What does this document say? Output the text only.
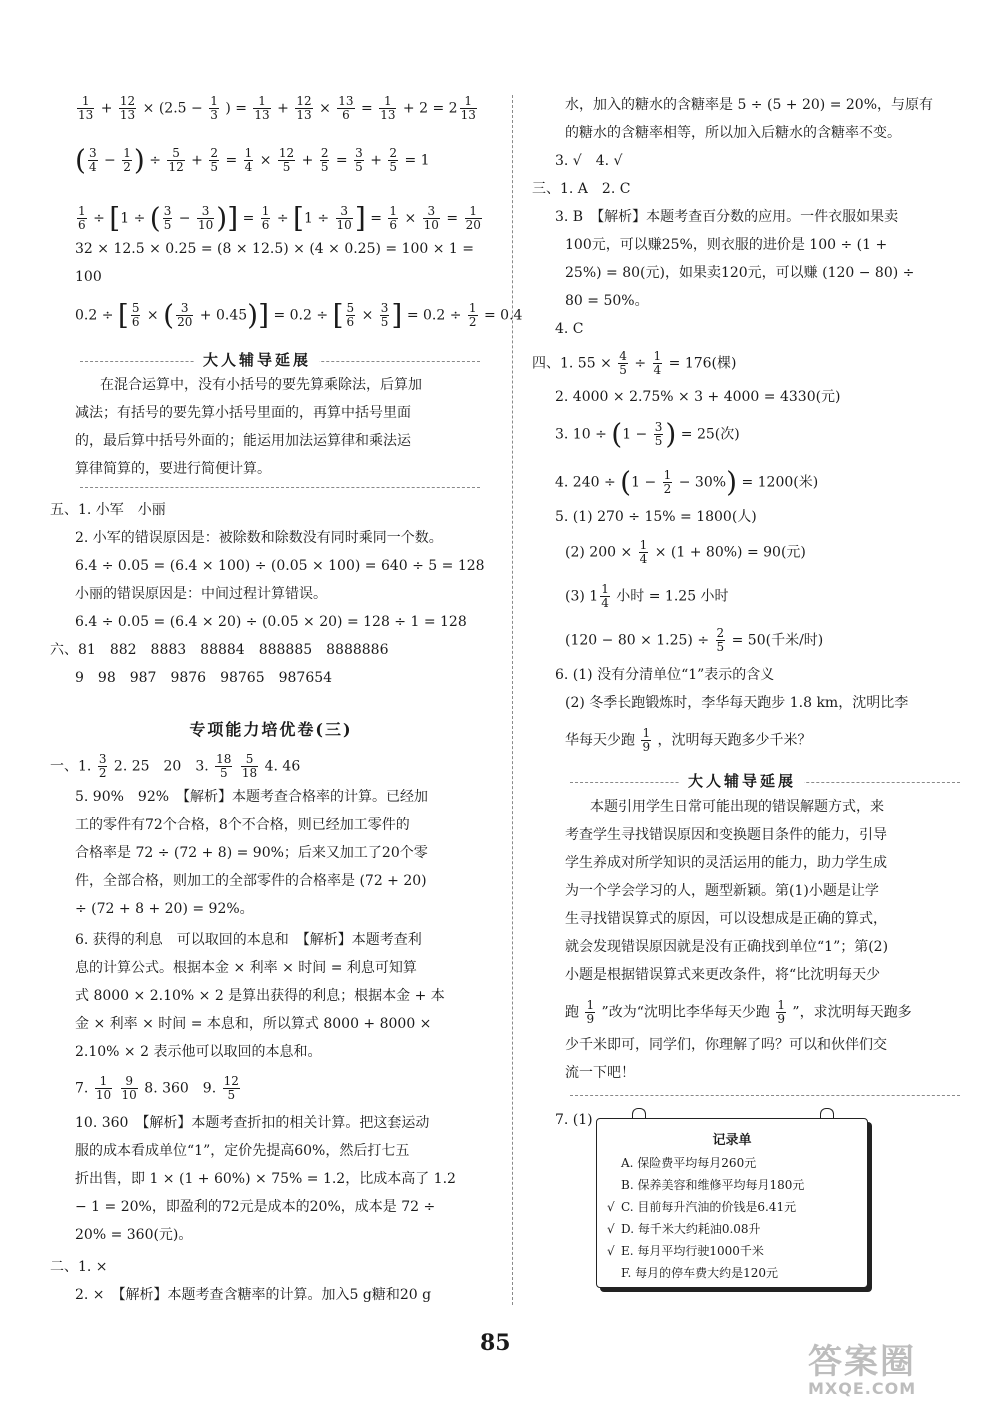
$\frac{1}{13} + \frac{12}{13} \times (2.5 - \frac{1}{3}$ ) = $\frac{1}{13} + \frac{12}{13} \times \frac{13}{6} = \frac{1}{13} + 2 = 2 \frac{1}{13}$
( $\frac{3}{4} - \frac{1}{2}$ ) ÷ $\frac{5}{12} + \frac{2}{5} = \frac{1}{4} \times \frac{12}{5} + \frac{2}{5} = \frac{3}{5} + \frac{2}{5} = 1$
$\frac{1}{6} \div [1$ ÷ ( $\frac{3}{5} - \frac{3}{10}$ )] = $\frac{1}{6} \div [1 \div \frac{3}{10}$ ] = $\frac{1}{6} \times \frac{3}{10} = \frac{1}{20}$
32 × 12.5 × 0.25 = (8 × 12.5) × (4 × 0.25) = 100 × 1 =
100
0.2 ÷ [ $\frac{5}{6}$ × ( $\frac{3}{20} + 0.45)] = 0.2$ ÷ [ $\frac{5}{6} \times \frac{3}{5}$ ] = $0.2 \div \frac{1}{2} = 0.4$
大人辅导延展
在混合运算中，没有小括号的要先算乘除法，后算加
减法；有括号的要先算小括号里面的，再算中括号里面
的，最后算中括号外面的；能运用加法运算律和乘法运
算律简算的，要进行简便计算。
五、1. 小军　小丽
2. 小军的错误原因是：被除数和除数没有同时乘同一个数。
6.4 ÷ 0.05 = (6.4 × 100) ÷ (0.05 × 100) = 640 ÷ 5 = 128
小丽的错误原因是：中间过程计算错误。
6.4 ÷ 0.05 = (6.4 × 20) ÷ (0.05 × 20) = 128 ÷ 1 = 128
六、81　882　8883　88884　888885　8888886
9　98　987　9876　98765　987654
专项能力培优卷(三)
一、1. $\frac{3}{2} 2$. 25　20　3. $\frac{18}{5}$
$\frac{5}{18} 4$. 46
5. 90%　92%　【解析】本题考查合格率的计算。已经加
工的零件有72个合格，8个不合格，则已经加工零件的
合格率是 72 ÷ (72 + 8) = 90%；后来又加工了20个零
件，全部合格，则加工的全部零件的合格率是 (72 + 20)
÷ (72 + 8 + 20) = 92%。
6. 获得的利息　可以取回的本息和　【解析】本题考查利
息的计算公式。根据本金 × 利率 × 时间 = 利息可知算
式 8000 × 2.10% × 2 是算出获得的利息；根据本金 + 本
金 × 利率 × 时间 = 本息和，所以算式 8000 + 8000 ×
2.10% × 2 表示他可以取回的本息和。
7. $\frac{1}{10}$
$\frac{9}{10} 8$. 360　9. $\frac{12}{5}$
10. 360　【解析】本题考查折扣的相关计算。把这套运动
服的成本看成单位“1”，定价先提高60%，然后打七五
折出售，即 1 × (1 + 60%) × 75% = 1.2，比成本高了 1.2
− 1 = 20%，即盈利的72元是成本的20%，成本是 72 ÷
20% = 360(元)。
二、1. ×
2. ×　【解析】本题考查含糖率的计算。加入5 g糖和20 g
水，加入的糖水的含糖率是 5 ÷ (5 + 20) = 20%，与原有
的糖水的含糖率相等，所以加入后糖水的含糖率不变。
3. √　4. √
三、1. A　2. C
3. B　【解析】本题考查百分数的应用。一件衣服如果卖
100元，可以赚25%，则衣服的进价是 100 ÷ (1 +
25%) = 80(元)，如果卖120元，可以赚 (120 − 80) ÷
80 = 50%。
4. C
四、1. $55 \times \frac{4}{5} \div \frac{1}{4} = 176$(棵)
2. 4000 × 2.75% × 3 + 4000 = 4330(元)
3. $10 \div (1 - \frac{3}{5}$ ) = 25(次)
4. $240 \div (1 - \frac{1}{2} - 30\%) = 1200$(米)
5. (1) 270 ÷ 15% = 1800(人)
(2) $200 \times \frac{1}{4} \times (1 + 80\%) = 90$(元)
(3) $1 \frac{1}{4}$ 小时 = 1.25 小时
$(120 - 80 \times 1.25) \div \frac{2}{5} = 50$(千米/时)
6. (1) 没有分清单位“1”表示的含义
(2) 冬季长跑锻炼时，李华每天跑步 1.8 km，沈明比李
华每天少跑 $\frac{1}{9}$ ，沈明每天跑多少千米？
大人辅导延展
本题引用学生日常可能出现的错误解题方式，来
考查学生寻找错误原因和变换题目条件的能力，引导
学生养成对所学知识的灵活运用的能力，助力学生成
为一个学会学习的人，题型新颖。第(1)小题是让学
生寻找错误算式的原因，可以设想成是正确的算式，
就会发现错误原因就是没有正确找到单位“1”；第(2)
小题是根据错误算式来更改条件，将“比沈明每天少
跑 $\frac{1}{9}$ ”改为“沈明比李华每天少跑 $\frac{1}{9}$ ”，求沈明每天跑多
少千米即可，同学们，你理解了吗？可以和伙伴们交
流一下吧！
7. (1)
记录单
A. 保险费平均每月260元
B. 保养美容和维修平均每月180元
√ C. 目前每升汽油的价钱是6.41元
√ D. 每千米大约耗油0.08升
√ E. 每月平均行驶1000千米
F. 每月的停车费大约是120元
85	答案圈
MXQE.COM
